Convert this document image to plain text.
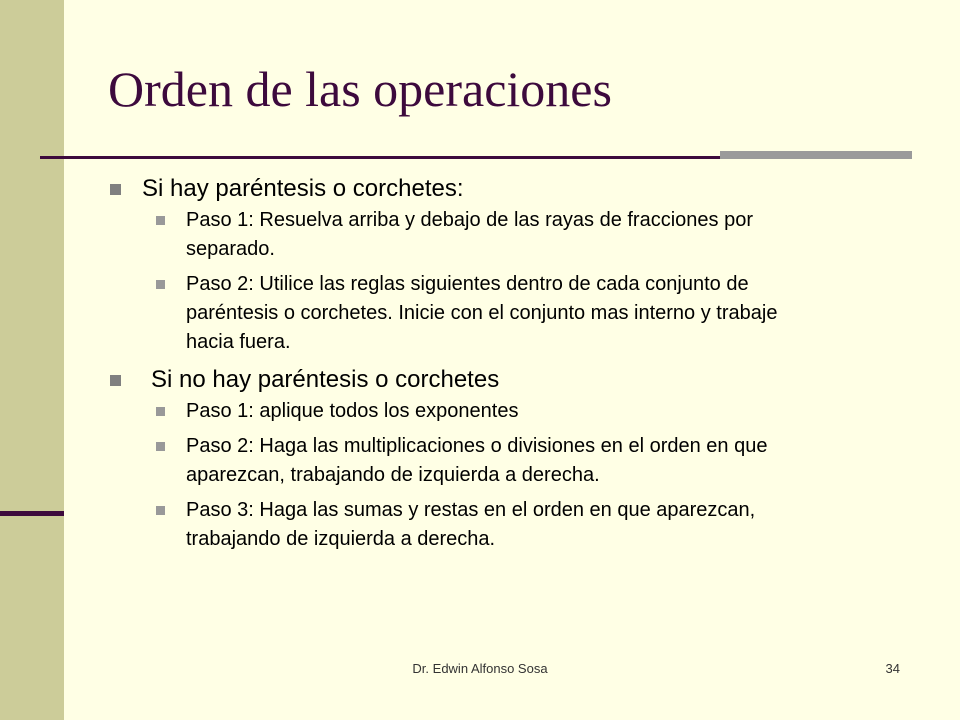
Orden de las operaciones
Si hay paréntesis o corchetes:
Paso 1: Resuelva arriba y debajo de las rayas de fracciones por separado.
Paso 2: Utilice las reglas siguientes dentro de cada conjunto de paréntesis o corchetes. Inicie con el conjunto mas interno y trabaje hacia fuera.
Si no hay paréntesis o corchetes
Paso 1: aplique todos los exponentes
Paso 2: Haga las multiplicaciones o divisiones en el orden en que aparezcan, trabajando de izquierda a derecha.
Paso 3: Haga las sumas y restas en el orden en que aparezcan, trabajando de izquierda a derecha.
Dr. Edwin Alfonso Sosa	34
